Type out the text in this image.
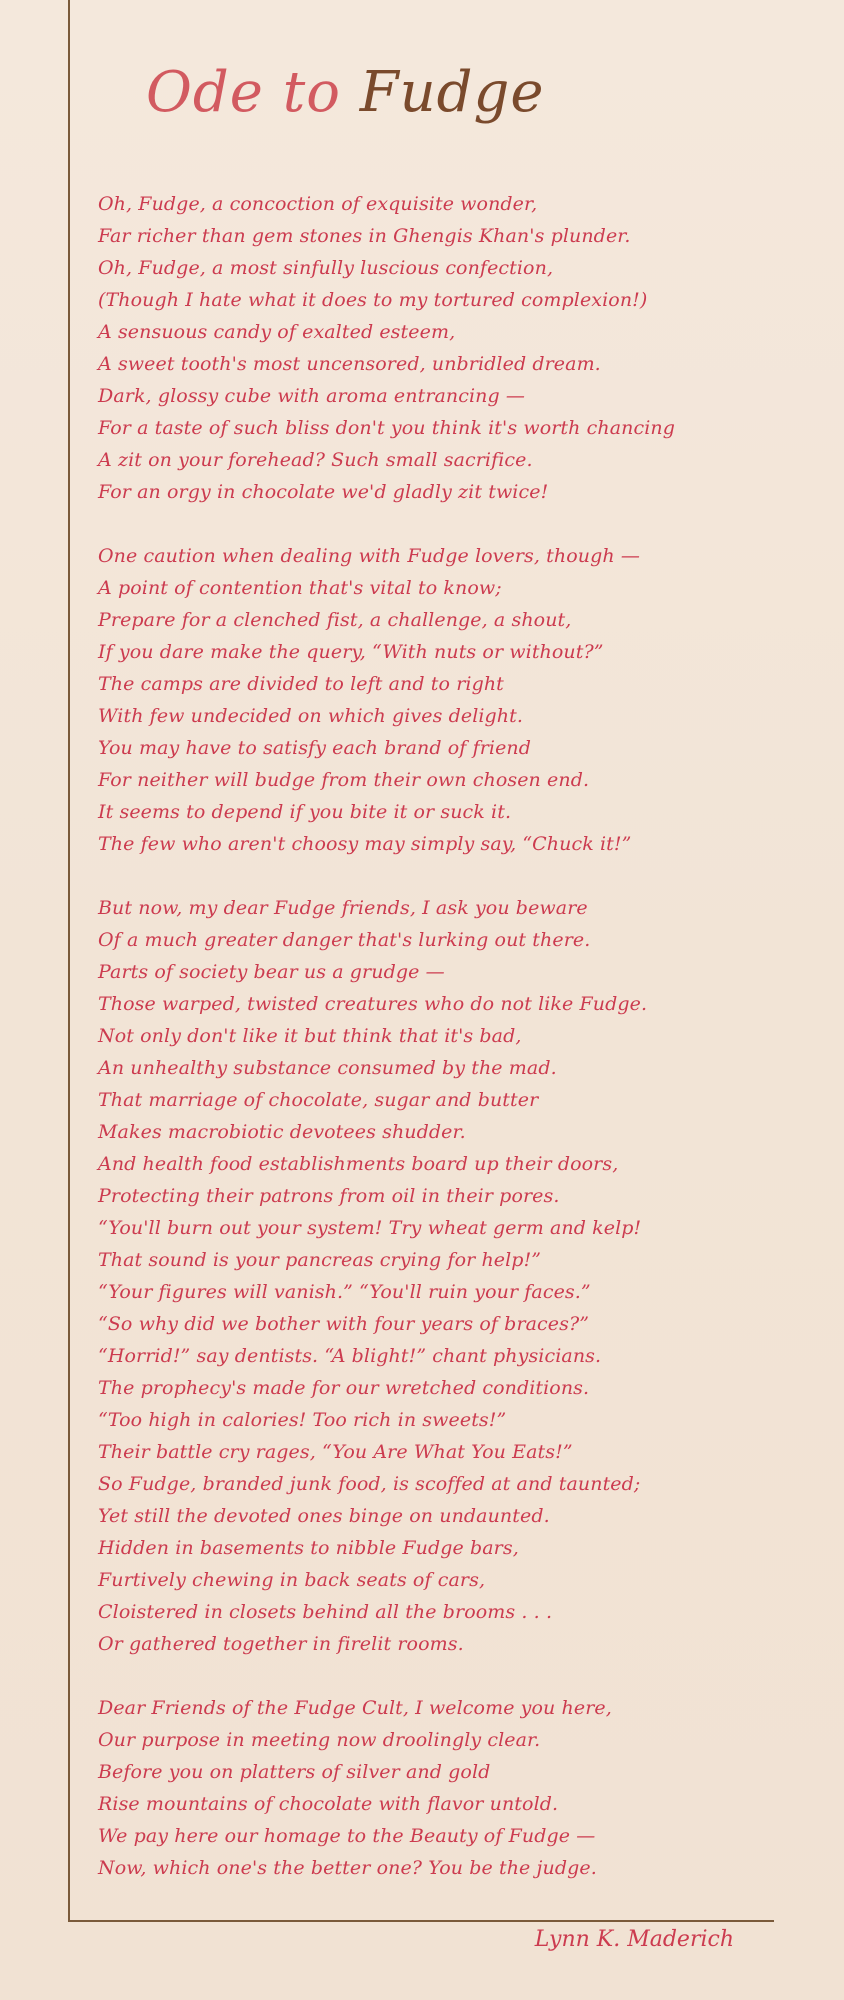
Ode to Fudge
Oh, Fudge, a concoction of exquisite wonder,
Far richer than gem stones in Ghengis Khan's plunder.
Oh, Fudge, a most sinfully luscious confection,
(Though I hate what it does to my tortured complexion!)
A sensuous candy of exalted esteem,
A sweet tooth's most uncensored, unbridled dream.
Dark, glossy cube with aroma entrancing —
For a taste of such bliss don't you think it's worth chancing
A zit on your forehead? Such small sacrifice.
For an orgy in chocolate we'd gladly zit twice!
One caution when dealing with Fudge lovers, though —
A point of contention that's vital to know;
Prepare for a clenched fist, a challenge, a shout,
If you dare make the query, “With nuts or without?”
The camps are divided to left and to right
With few undecided on which gives delight.
You may have to satisfy each brand of friend
For neither will budge from their own chosen end.
It seems to depend if you bite it or suck it.
The few who aren't choosy may simply say, “Chuck it!”
But now, my dear Fudge friends, I ask you beware
Of a much greater danger that's lurking out there.
Parts of society bear us a grudge —
Those warped, twisted creatures who do not like Fudge.
Not only don't like it but think that it's bad,
An unhealthy substance consumed by the mad.
That marriage of chocolate, sugar and butter
Makes macrobiotic devotees shudder.
And health food establishments board up their doors,
Protecting their patrons from oil in their pores.
“You'll burn out your system! Try wheat germ and kelp!
That sound is your pancreas crying for help!”
“Your figures will vanish.” “You'll ruin your faces.”
“So why did we bother with four years of braces?”
“Horrid!” say dentists. “A blight!” chant physicians.
The prophecy's made for our wretched conditions.
“Too high in calories! Too rich in sweets!”
Their battle cry rages, “You Are What You Eats!”
So Fudge, branded junk food, is scoffed at and taunted;
Yet still the devoted ones binge on undaunted.
Hidden in basements to nibble Fudge bars,
Furtively chewing in back seats of cars,
Cloistered in closets behind all the brooms . . .
Or gathered together in firelit rooms.
Dear Friends of the Fudge Cult, I welcome you here,
Our purpose in meeting now droolingly clear.
Before you on platters of silver and gold
Rise mountains of chocolate with flavor untold.
We pay here our homage to the Beauty of Fudge —
Now, which one's the better one? You be the judge.

Lynn K. Maderich
